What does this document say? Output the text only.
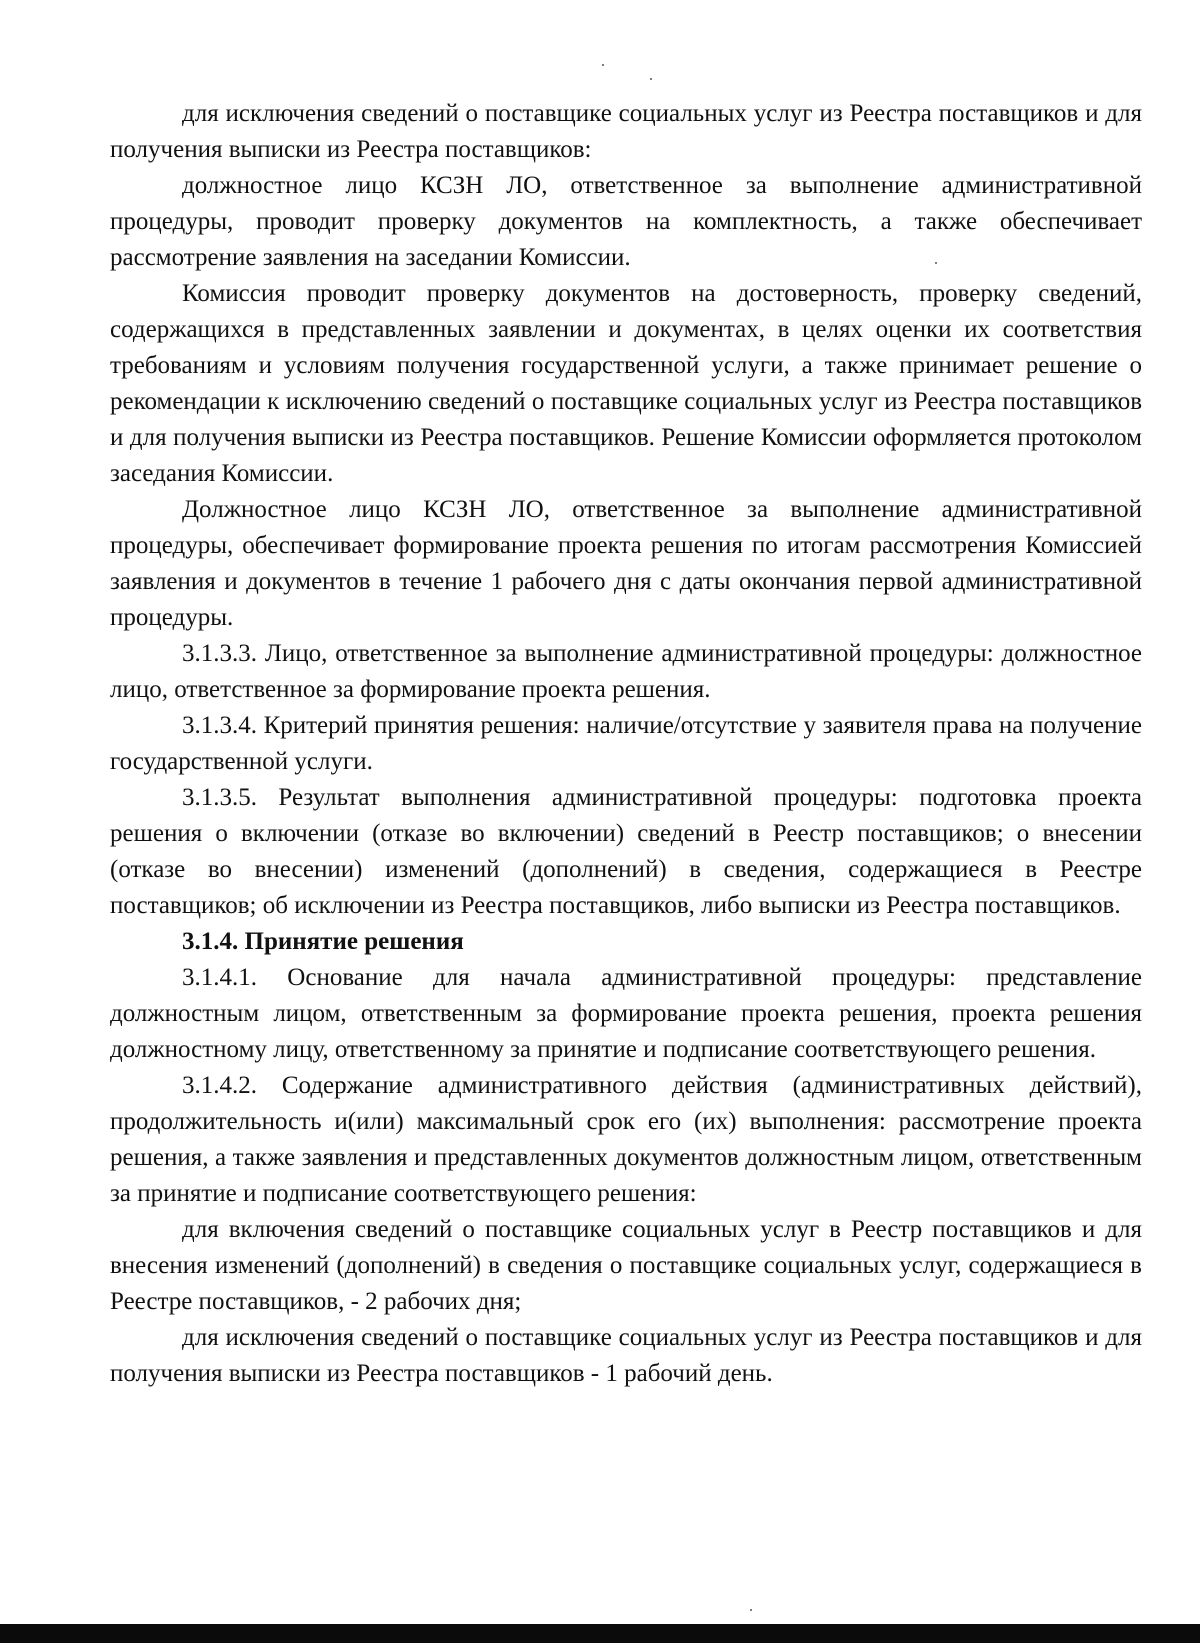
для исключения сведений о поставщике социальных услуг из Реестра поставщиков и для получения выписки из Реестра поставщиков:

должностное лицо КСЗН ЛО, ответственное за выполнение административной процедуры, проводит проверку документов на комплектность, а также обеспечивает рассмотрение заявления на заседании Комиссии.

Комиссия проводит проверку документов на достоверность, проверку сведений, содержащихся в представленных заявлении и документах, в целях оценки их соответствия требованиям и условиям получения государственной услуги, а также принимает решение о рекомендации к исключению сведений о поставщике социальных услуг из Реестра поставщиков и для получения выписки из Реестра поставщиков. Решение Комиссии оформляется протоколом заседания Комиссии.

Должностное лицо КСЗН ЛО, ответственное за выполнение административной процедуры, обеспечивает формирование проекта решения по итогам рассмотрения Комиссией заявления и документов в течение 1 рабочего дня с даты окончания первой административной процедуры.

3.1.3.3. Лицо, ответственное за выполнение административной процедуры: должностное лицо, ответственное за формирование проекта решения.

3.1.3.4. Критерий принятия решения: наличие/отсутствие у заявителя права на получение государственной услуги.

3.1.3.5. Результат выполнения административной процедуры: подготовка проекта решения о включении (отказе во включении) сведений в Реестр поставщиков; о внесении (отказе во внесении) изменений (дополнений) в сведения, содержащиеся в Реестре поставщиков; об исключении из Реестра поставщиков, либо выписки из Реестра поставщиков.

3.1.4. Принятие решения

3.1.4.1. Основание для начала административной процедуры: представление должностным лицом, ответственным за формирование проекта решения, проекта решения должностному лицу, ответственному за принятие и подписание соответствующего решения.

3.1.4.2. Содержание административного действия (административных действий), продолжительность и(или) максимальный срок его (их) выполнения: рассмотрение проекта решения, а также заявления и представленных документов должностным лицом, ответственным за принятие и подписание соответствующего решения:

для включения сведений о поставщике социальных услуг в Реестр поставщиков и для внесения изменений (дополнений) в сведения о поставщике социальных услуг, содержащиеся в Реестре поставщиков, - 2 рабочих дня;

для исключения сведений о поставщике социальных услуг из Реестра поставщиков и для получения выписки из Реестра поставщиков - 1 рабочий день.
